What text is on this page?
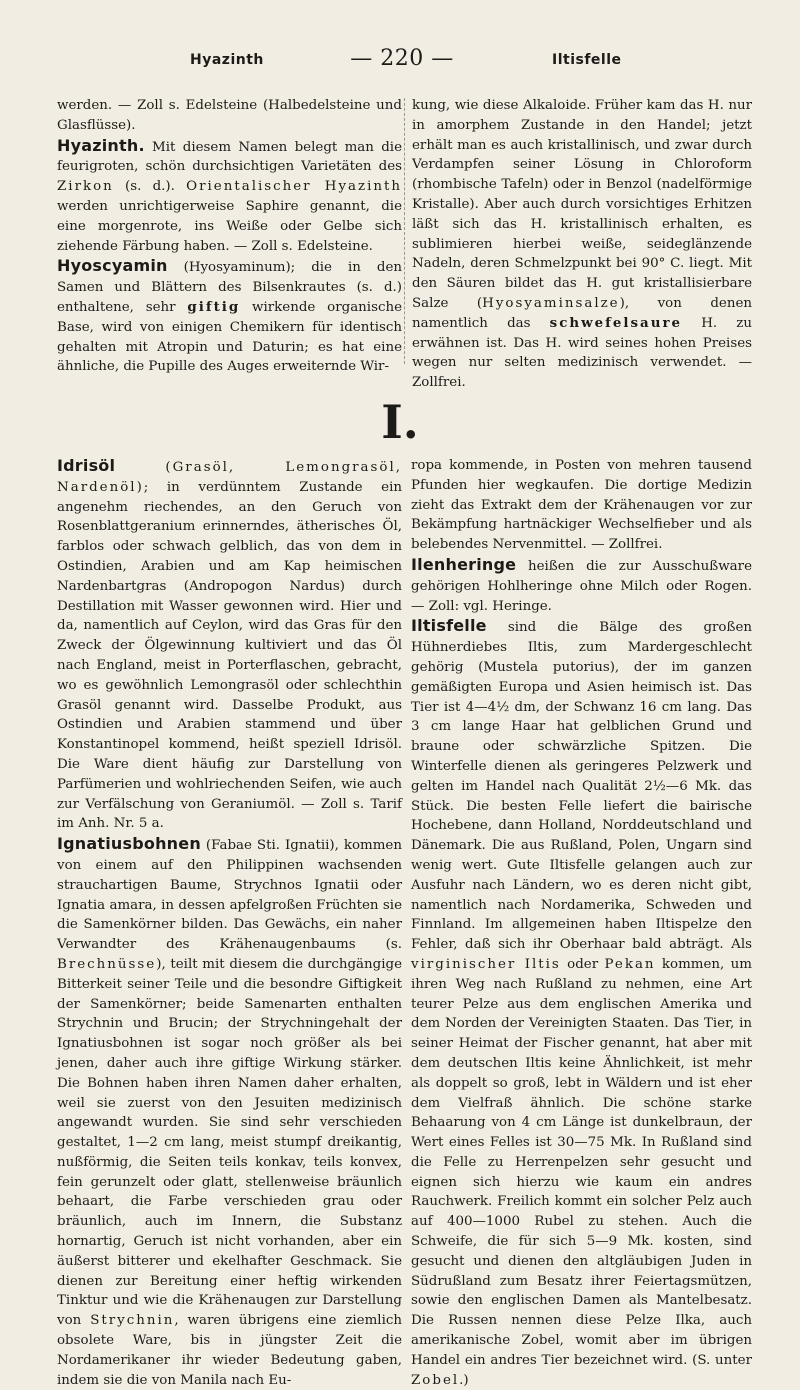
Hyazinth	— 220 —	Iltisfelle

werden. — Zoll s. Edelsteine (Halbedelsteine und Glasflüsse).

Hyazinth. Mit diesem Namen belegt man die feurigroten, schön durchsichtigen Varietäten des Zirkon (s. d.). Orientalischer Hyazinth werden unrichtigerweise Saphire genannt, die eine morgenrote, ins Weiße oder Gelbe sich ziehende Färbung haben. — Zoll s. Edelsteine.

Hyoscyamin (Hyosyaminum); die in den Samen und Blättern des Bilsenkrautes (s. d.) enthaltene, sehr giftig wirkende organische Base, wird von einigen Chemikern für identisch gehalten mit Atropin und Daturin; es hat eine ähnliche, die Pupille des Auges erweiternde Wir-

kung, wie diese Alkaloide. Früher kam das H. nur in amorphem Zustande in den Handel; jetzt erhält man es auch kristallinisch, und zwar durch Verdampfen seiner Lösung in Chloroform (rhombische Tafeln) oder in Benzol (nadelförmige Kristalle). Aber auch durch vorsichtiges Erhitzen läßt sich das H. kristallinisch erhalten, es sublimieren hierbei weiße, seideglänzende Nadeln, deren Schmelzpunkt bei 90° C. liegt. Mit den Säuren bildet das H. gut kristallisierbare Salze (Hyosyaminsalze), von denen namentlich das schwefelsaure H. zu erwähnen ist. Das H. wird seines hohen Preises wegen nur selten medizinisch verwendet. — Zollfrei.

I.

Idrisöl (Grasöl, Lemongrasöl, Nardenöl); in verdünntem Zustande ein angenehm riechendes, an den Geruch von Rosenblattgeranium erinnerndes, ätherisches Öl, farblos oder schwach gelblich, das von dem in Ostindien, Arabien und am Kap heimischen Nardenbartgras (Andropogon Nardus) durch Destillation mit Wasser gewonnen wird. Hier und da, namentlich auf Ceylon, wird das Gras für den Zweck der Ölgewinnung kultiviert und das Öl nach England, meist in Porterflaschen, gebracht, wo es gewöhnlich Lemongrasöl oder schlechthin Grasöl genannt wird. Dasselbe Produkt, aus Ostindien und Arabien stammend und über Konstantinopel kommend, heißt speziell Idrisöl. Die Ware dient häufig zur Darstellung von Parfümerien und wohlriechenden Seifen, wie auch zur Verfälschung von Geraniumöl. — Zoll s. Tarif im Anh. Nr. 5 a.

Ignatiusbohnen (Fabae Sti. Ignatii), kommen von einem auf den Philippinen wachsenden strauchartigen Baume, Strychnos Ignatii oder Ignatia amara, in dessen apfelgroßen Früchten sie die Samenkörner bilden. Das Gewächs, ein naher Verwandter des Krähenaugenbaums (s. Brechnüsse), teilt mit diesem die durchgängige Bitterkeit seiner Teile und die besondre Giftigkeit der Samenkörner; beide Samenarten enthalten Strychnin und Brucin; der Strychningehalt der Ignatiusbohnen ist sogar noch größer als bei jenen, daher auch ihre giftige Wirkung stärker. Die Bohnen haben ihren Namen daher erhalten, weil sie zuerst von den Jesuiten medizinisch angewandt wurden. Sie sind sehr verschieden gestaltet, 1—2 cm lang, meist stumpf dreikantig, nußförmig, die Seiten teils konkav, teils konvex, fein gerunzelt oder glatt, stellenweise bräunlich behaart, die Farbe verschieden grau oder bräunlich, auch im Innern, die Substanz hornartig, Geruch ist nicht vorhanden, aber ein äußerst bitterer und ekelhafter Geschmack. Sie dienen zur Bereitung einer heftig wirkenden Tinktur und wie die Krähenaugen zur Darstellung von Strychnin, waren übrigens eine ziemlich obsolete Ware, bis in jüngster Zeit die Nordamerikaner ihr wieder Bedeutung gaben, indem sie die von Manila nach Eu-

ropa kommende, in Posten von mehren tausend Pfunden hier wegkaufen. Die dortige Medizin zieht das Extrakt dem der Krähenaugen vor zur Bekämpfung hartnäckiger Wechselfieber und als belebendes Nervenmittel. — Zollfrei.

Ilenheringe heißen die zur Ausschußware gehörigen Hohlheringe ohne Milch oder Rogen. — Zoll: vgl. Heringe.

Iltisfelle sind die Bälge des großen Hühnerdiebes Iltis, zum Mardergeschlecht gehörig (Mustela putorius), der im ganzen gemäßigten Europa und Asien heimisch ist. Das Tier ist 4—4½ dm, der Schwanz 16 cm lang. Das 3 cm lange Haar hat gelblichen Grund und braune oder schwärzliche Spitzen. Die Winterfelle dienen als geringeres Pelzwerk und gelten im Handel nach Qualität 2½—6 Mk. das Stück. Die besten Felle liefert die bairische Hochebene, dann Holland, Norddeutschland und Dänemark. Die aus Rußland, Polen, Ungarn sind wenig wert. Gute Iltisfelle gelangen auch zur Ausfuhr nach Ländern, wo es deren nicht gibt, namentlich nach Nordamerika, Schweden und Finnland. Im allgemeinen haben Iltispelze den Fehler, daß sich ihr Oberhaar bald abträgt. Als virginischer Iltis oder Pekan kommen, um ihren Weg nach Rußland zu nehmen, eine Art teurer Pelze aus dem englischen Amerika und dem Norden der Vereinigten Staaten. Das Tier, in seiner Heimat der Fischer genannt, hat aber mit dem deutschen Iltis keine Ähnlichkeit, ist mehr als doppelt so groß, lebt in Wäldern und ist eher dem Vielfraß ähnlich. Die schöne starke Behaarung von 4 cm Länge ist dunkelbraun, der Wert eines Felles ist 30—75 Mk. In Rußland sind die Felle zu Herrenpelzen sehr gesucht und eignen sich hierzu wie kaum ein andres Rauchwerk. Freilich kommt ein solcher Pelz auch auf 400—1000 Rubel zu stehen. Auch die Schweife, die für sich 5—9 Mk. kosten, sind gesucht und dienen den altgläubigen Juden in Südrußland zum Besatz ihrer Feiertagsmützen, sowie den englischen Damen als Mantelbesatz. Die Russen nennen diese Pelze Ilka, auch amerikanische Zobel, womit aber im übrigen Handel ein andres Tier bezeichnet wird. (S. unter Zobel.)
